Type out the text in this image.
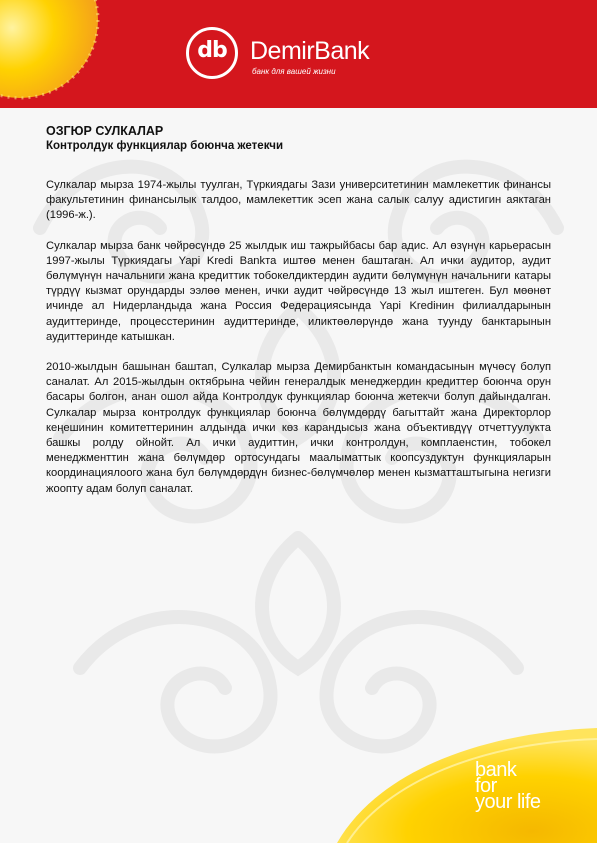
db DemirBank
банк для вашей жизни

ОЗГЮР СУЛКАЛАР

Контролдук функциялар боюнча жетекчи

Сулкалар мырза 1974-жылы туулган, Түркиядагы Зази университетинин мамлекеттик финансы факультетинин финансылык талдоо, мамлекеттик эсеп жана салык салуу адистигин аяктаган (1996-ж.).

Сулкалар мырза банк чөйрөсүндө 25 жылдык иш тажрыйбасы бар адис. Ал өзүнүн карьерасын 1997-жылы Түркиядагы Yapi Kredi Bankта иштөө менен баштаган. Ал ички аудитор, аудит бөлүмүнүн начальниги жана кредиттик тобокелдиктердин аудити бөлүмүнүн начальниги катары түрдүү кызмат орундарды ээлөө менен, ички аудит чөйрөсүндө 13 жыл иштеген. Бул мөөнөт ичинде ал Нидерландыда жана Россия Федерациясында Yapi Kredінин филиалдарынын аудиттеринде, процесстеринин аудиттеринде, иликтөөлөрүндө жана туунду банктарынын аудиттеринде катышкан.

2010-жылдын башынан баштап, Сулкалар мырза Демирбанктын командасынын мүчөсү болуп саналат. Ал 2015-жылдын октябрына чейин генералдык менеджердин кредиттер боюнча орун басары болгон, анан ошол айда Контролдук функциялар боюнча жетекчи болуп дайындалган. Сулкалар мырза контролдук функциялар боюнча бөлүмдөрдү багыттайт жана Директорлор кеңешинин комитеттеринин алдында ички көз карандысыз жана объективдүү отчеттуулукта башкы ролду ойнойт. Ал ички аудиттин, ички контролдун, комплаенстин, тобокел менеджменттин жана бөлүмдөр ортосундагы маалыматтык коопсуздуктун функцияларын координациялоого жана бул бөлүмдөрдүн бизнес-бөлүмчөлөр менен кызматташтыгына негизги жоопту адам болуп саналат.

bank
for
your life
